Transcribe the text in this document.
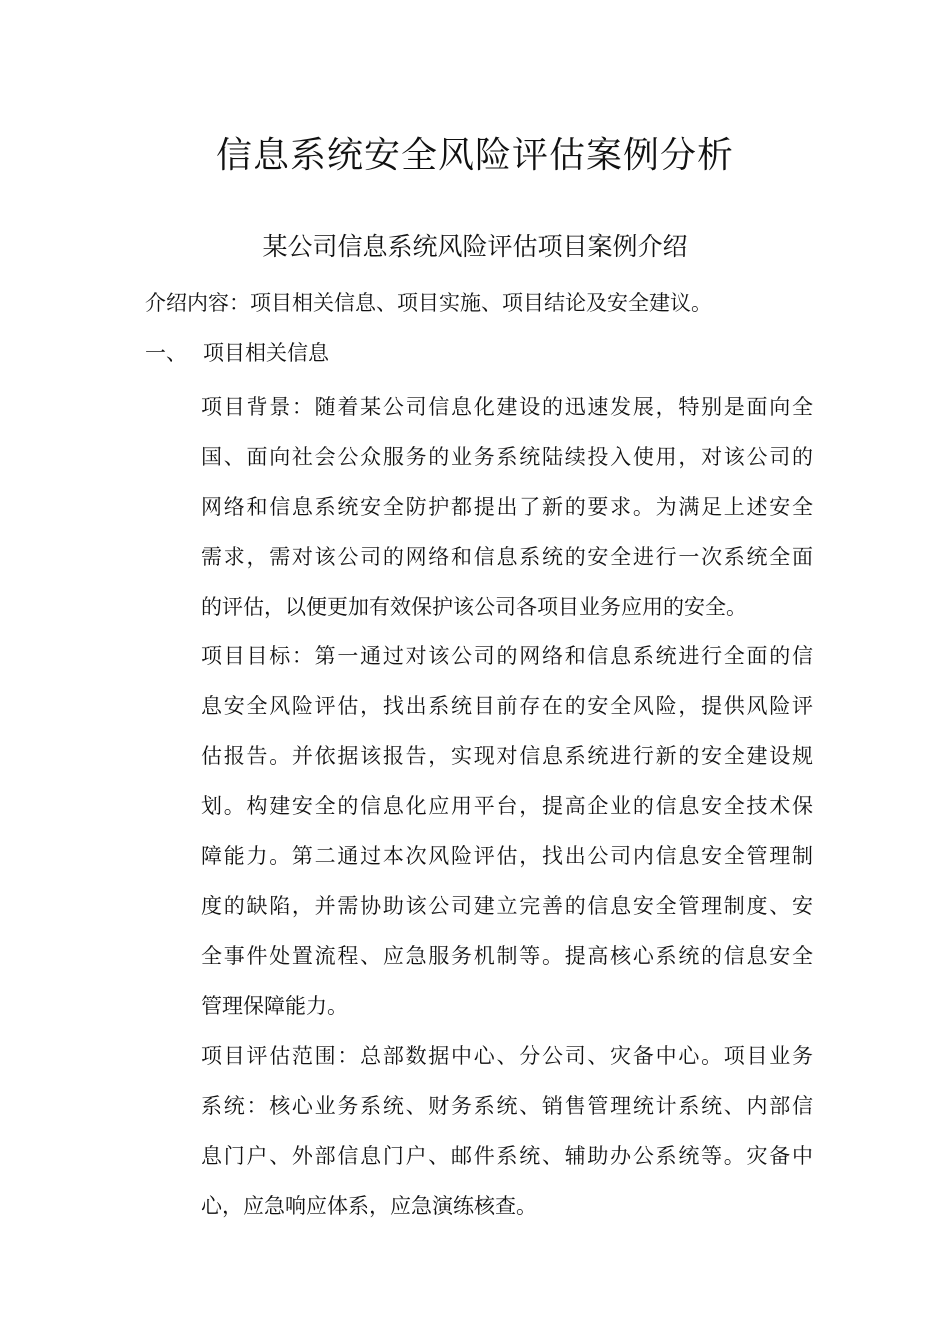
信息系统安全风险评估案例分析
某公司信息系统风险评估项目案例介绍

介绍内容：项目相关信息、项目实施、项目结论及安全建议。

一、 项目相关信息
项目背景：随着某公司信息化建设的迅速发展，特别是面向全
国、面向社会公众服务的业务系统陆续投入使用，对该公司的
网络和信息系统安全防护都提出了新的要求。为满足上述安全
需求，需对该公司的网络和信息系统的安全进行一次系统全面
的评估，以便更加有效保护该公司各项目业务应用的安全。
项目目标：第一通过对该公司的网络和信息系统进行全面的信
息安全风险评估，找出系统目前存在的安全风险，提供风险评
估报告。并依据该报告，实现对信息系统进行新的安全建设规
划。构建安全的信息化应用平台，提高企业的信息安全技术保
障能力。第二通过本次风险评估，找出公司内信息安全管理制
度的缺陷，并需协助该公司建立完善的信息安全管理制度、安
全事件处置流程、应急服务机制等。提高核心系统的信息安全
管理保障能力。
项目评估范围：总部数据中心、分公司、灾备中心。项目业务
系统：核心业务系统、财务系统、销售管理统计系统、内部信
息门户、外部信息门户、邮件系统、辅助办公系统等。灾备中
心，应急响应体系，应急演练核查。
